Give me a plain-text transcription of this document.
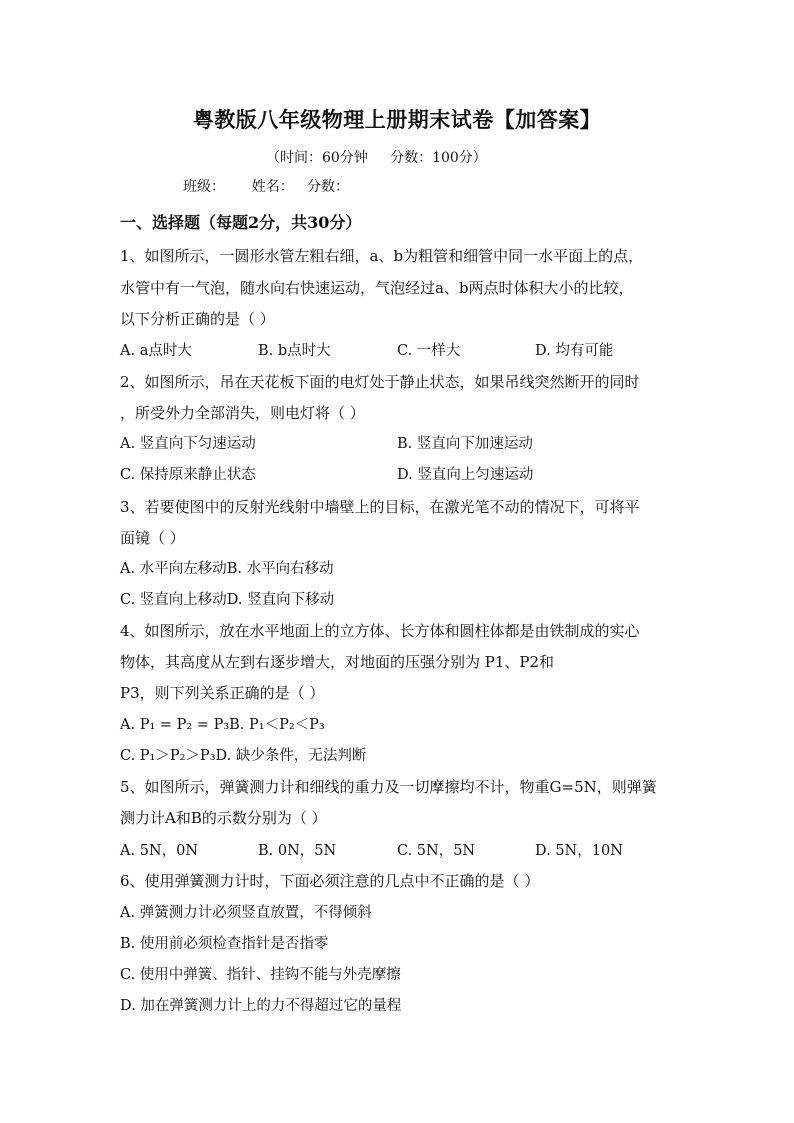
粤教版八年级物理上册期末试卷【加答案】
（时间：60分钟     分数：100分）
班级：      姓名：   分数：
一、选择题（每题2分，共30分）
1、如图所示，一圆形水管左粗右细，a、b为粗管和细管中同一水平面上的点，
水管中有一气泡，随水向右快速运动，气泡经过a、b两点时体积大小的比较，
以下分析正确的是（ ）
A. a点时大	B. b点时大	C. 一样大	D. 均有可能
2、如图所示，吊在天花板下面的电灯处于静止状态，如果吊线突然断开的同时
，所受外力全部消失，则电灯将（ ）
A. 竖直向下匀速运动	B. 竖直向下加速运动
C. 保持原来静止状态	D. 竖直向上匀速运动
3、若要使图中的反射光线射中墙壁上的目标，在激光笔不动的情况下，可将平
面镜（ ）
A. 水平向左移动B. 水平向右移动
C. 竖直向上移动D. 竖直向下移动
4、如图所示，放在水平地面上的立方体、长方体和圆柱体都是由铁制成的实心
物体，其高度从左到右逐步增大，对地面的压强分别为 P1、P2和
P3，则下列关系正确的是（ ）
A. P₁ = P₂ = P₃B. P₁＜P₂＜P₃
C. P₁＞P₂＞P₃D. 缺少条件，无法判断
5、如图所示，弹簧测力计和细线的重力及一切摩擦均不计，物重G=5N，则弹簧
测力计A和B的示数分别为（ ）
A. 5N，0N	B. 0N，5N	C. 5N，5N	D. 5N，10N
6、使用弹簧测力计时，下面必须注意的几点中不正确的是（ ）
A. 弹簧测力计必须竖直放置，不得倾斜
B. 使用前必须检查指针是否指零
C. 使用中弹簧、指针、挂钩不能与外壳摩擦
D. 加在弹簧测力计上的力不得超过它的量程
